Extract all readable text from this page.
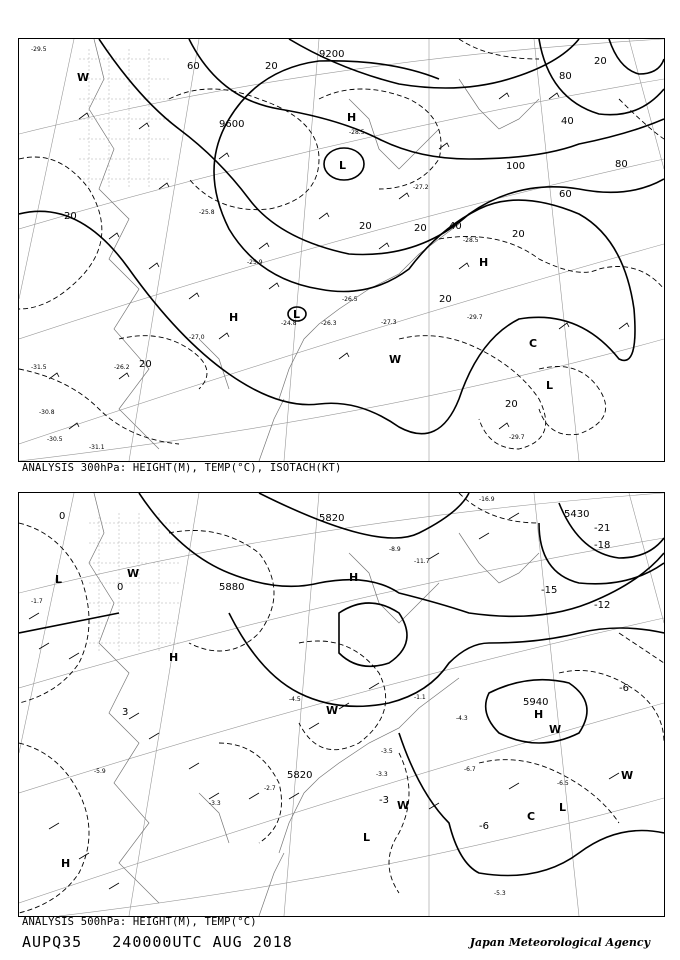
9600
9200
20
60
80
100
20
20	40
20
20
60
20
40
80
20
20
20
H
H
H
L
L
L
W
W
C
-29.5
-24.8	-27.3
-26.5
-29.7
-31.5
-26.3
-25.9
-27.2
-28.5
-29.7
-31.1
-30.8
-26.2
-27.0
-28.5
-25.8
-30.5
ANALYSIS 300hPa: HEIGHT(M), TEMP(°C), ISOTACH(KT)
5820
5880
5940
5820
5430
0
-3
-6
-6
-12
-15
-18
-21
0
3
H
H
H
H
L
L
L
W
W
W
W
C
W
-5.3
-6.5
-4.3
-3.5
-3.3
-6.7
-1.1
-2.7
-3.3
-5.9
-8.9
-16.9
-11.7
-4.5
-1.7
ANALYSIS 500hPa: HEIGHT(M), TEMP(°C)
AUPQ35 240000UTC AUG 2018	Japan Meteorological Agency
